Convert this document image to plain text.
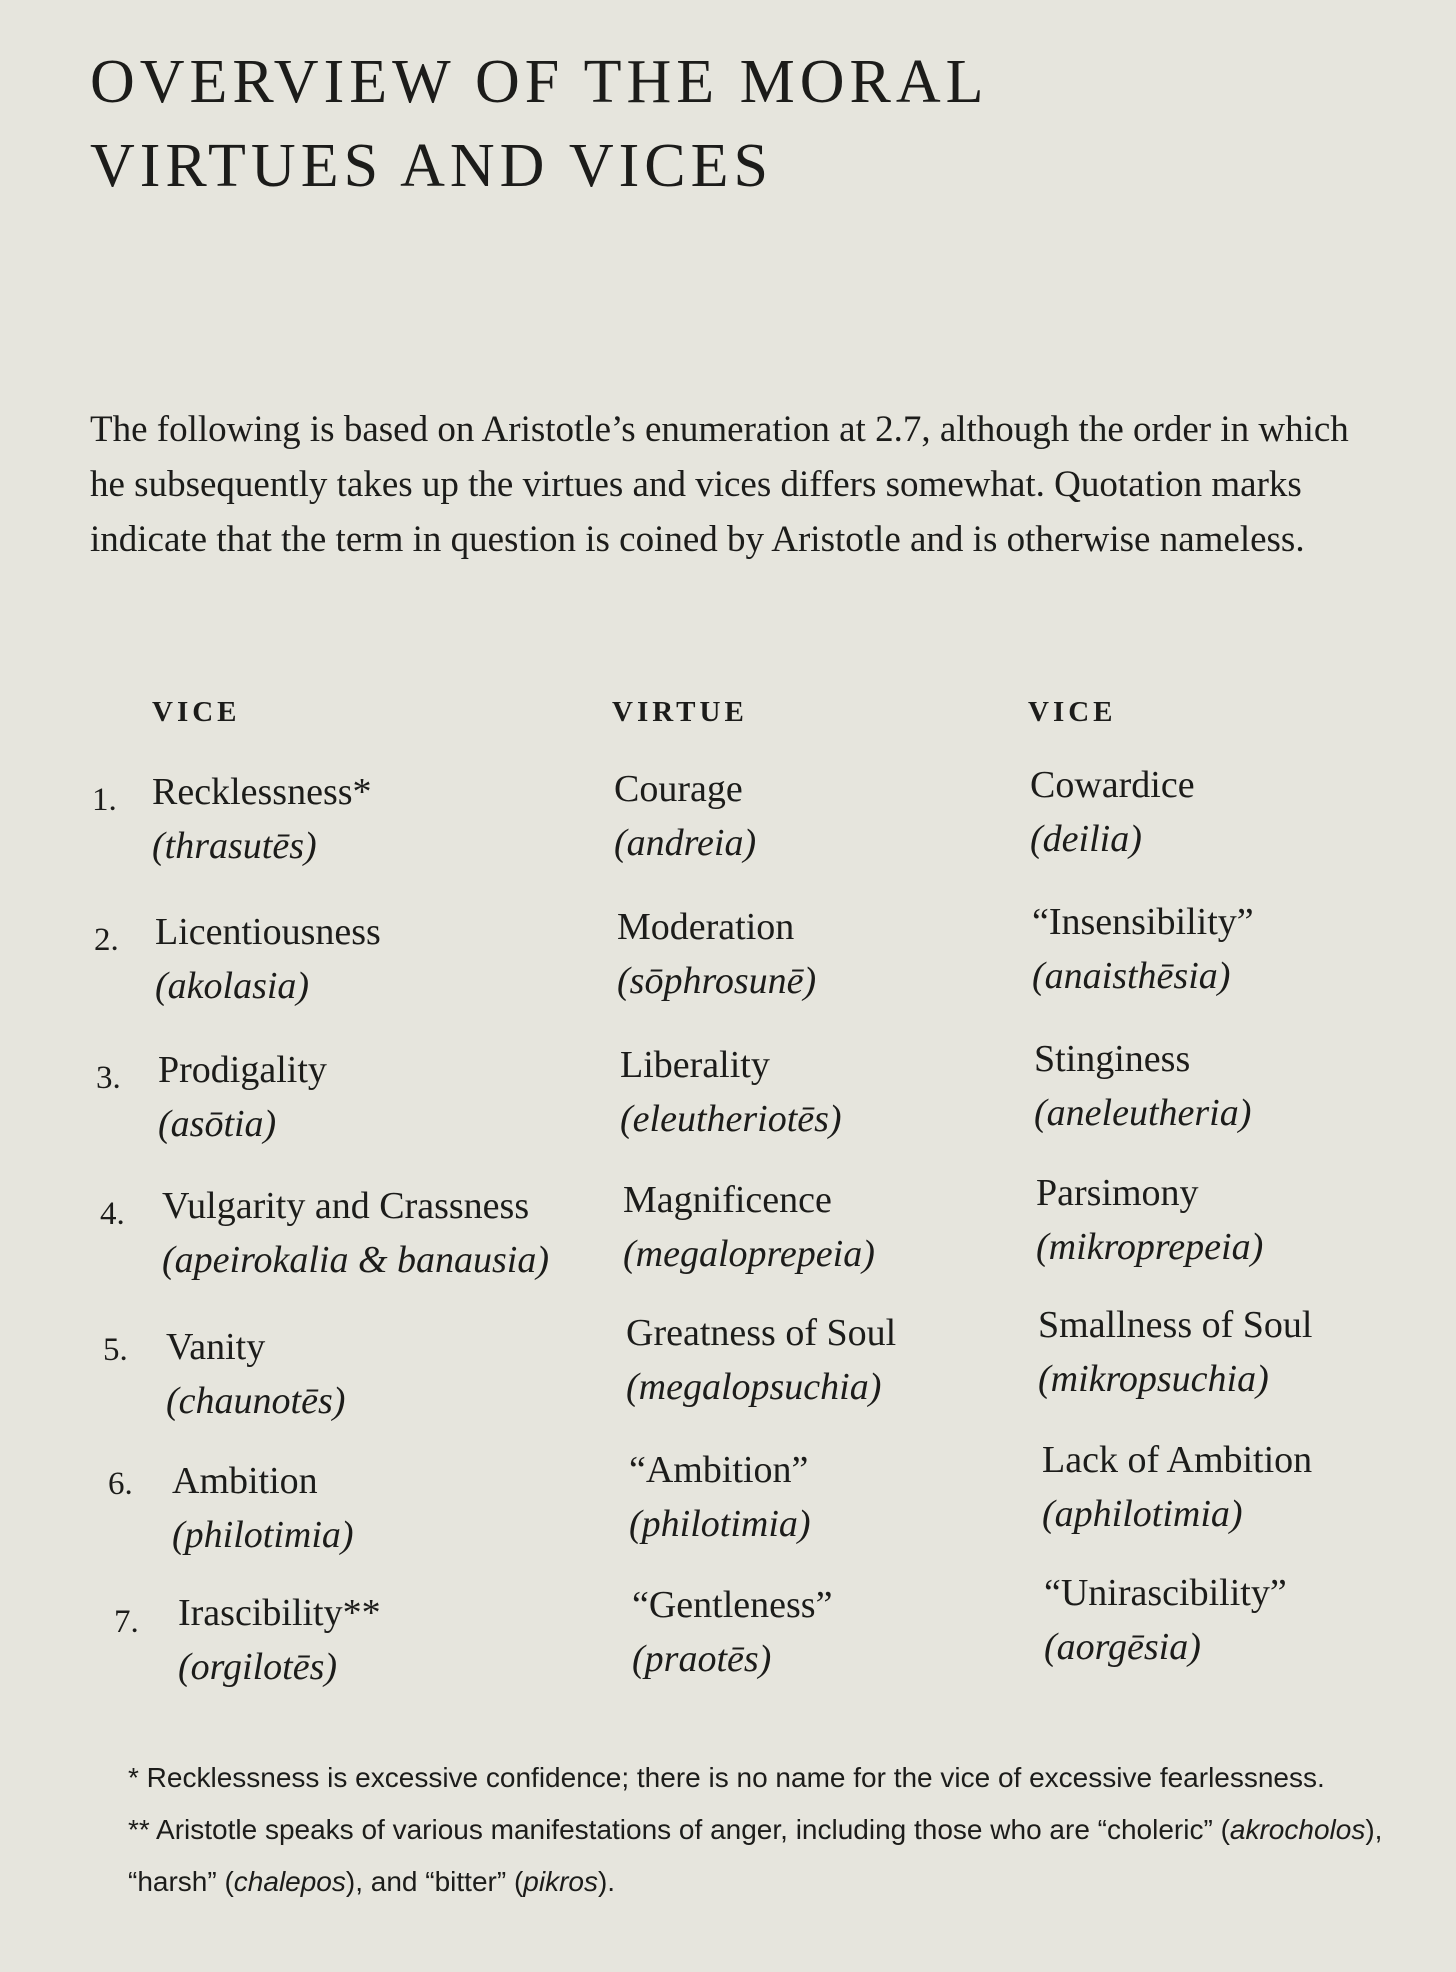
OVERVIEW OF THE MORAL
VIRTUES AND VICES

The following is based on Aristotle’s enumeration at 2.7, although the order in which he subsequently takes up the virtues and vices differs somewhat. Quotation marks indicate that the term in question is coined by Aristotle and is otherwise nameless.

VICE	VIRTUE	VICE
1. Recklessness*
(thrasutēs)
Courage
(andreia)
Cowardice
(deilia)
2. Licentiousness
(akolasia)
Moderation
(sōphrosunē)
“Insensibility”
(anaisthēsia)
3. Prodigality
(asōtia)
Liberality
(eleutheriotēs)
Stinginess
(aneleutheria)
4. Vulgarity and Crassness
(apeirokalia & banausia)
Magnificence
(megaloprepeia)
Parsimony
(mikroprepeia)
5. Vanity
(chaunotēs)
Greatness of Soul
(megalopsuchia)
Smallness of Soul
(mikropsuchia)
6. Ambition
(philotimia)
“Ambition”
(philotimia)
Lack of Ambition
(aphilotimia)
7. Irascibility**
(orgilotēs)
“Gentleness”
(praotēs)
“Unirascibility”
(aorgēsia)

* Recklessness is excessive confidence; there is no name for the vice of excessive fearlessness.

** Aristotle speaks of various manifestations of anger, including those who are “choleric” (akrocholos), “harsh” (chalepos), and “bitter” (pikros).
